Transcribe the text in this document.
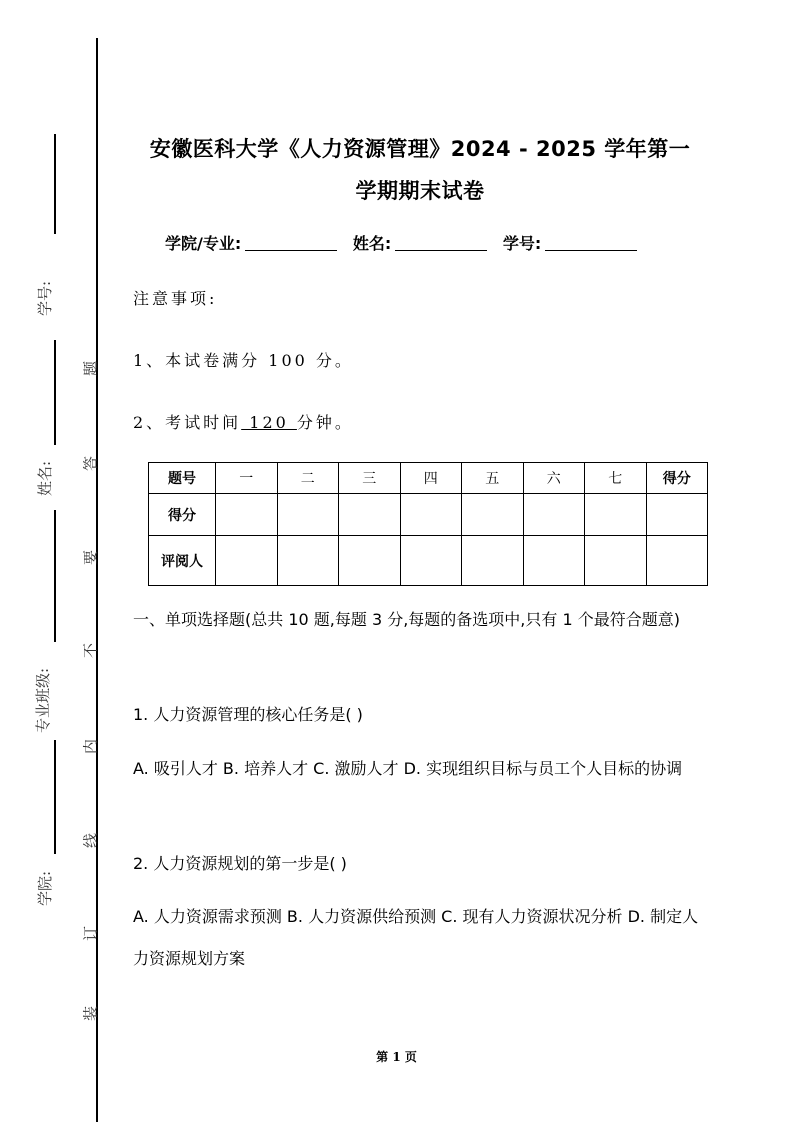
学号:
姓名:
专业班级:
学院:
题
答
要
不
内
线
订
装
安徽医科大学《人力资源管理》2024 - 2025 学年第一
学期期末试卷
学院/专业:	姓名:	学号:
注意事项:
1、本试卷满分 100 分。
2、考试时间 120 分钟。
题号	一	二	三	四	五	六	七	得分
得分								
评阅人								
一、单项选择题(总共 10 题,每题 3 分,每题的备选项中,只有 1 个最符合题意)
1. 人力资源管理的核心任务是( )
A. 吸引人才 B. 培养人才 C. 激励人才 D. 实现组织目标与员工个人目标的协调
2. 人力资源规划的第一步是( )
A. 人力资源需求预测 B. 人力资源供给预测 C. 现有人力资源状况分析 D. 制定人力资源规划方案
第 1 页
